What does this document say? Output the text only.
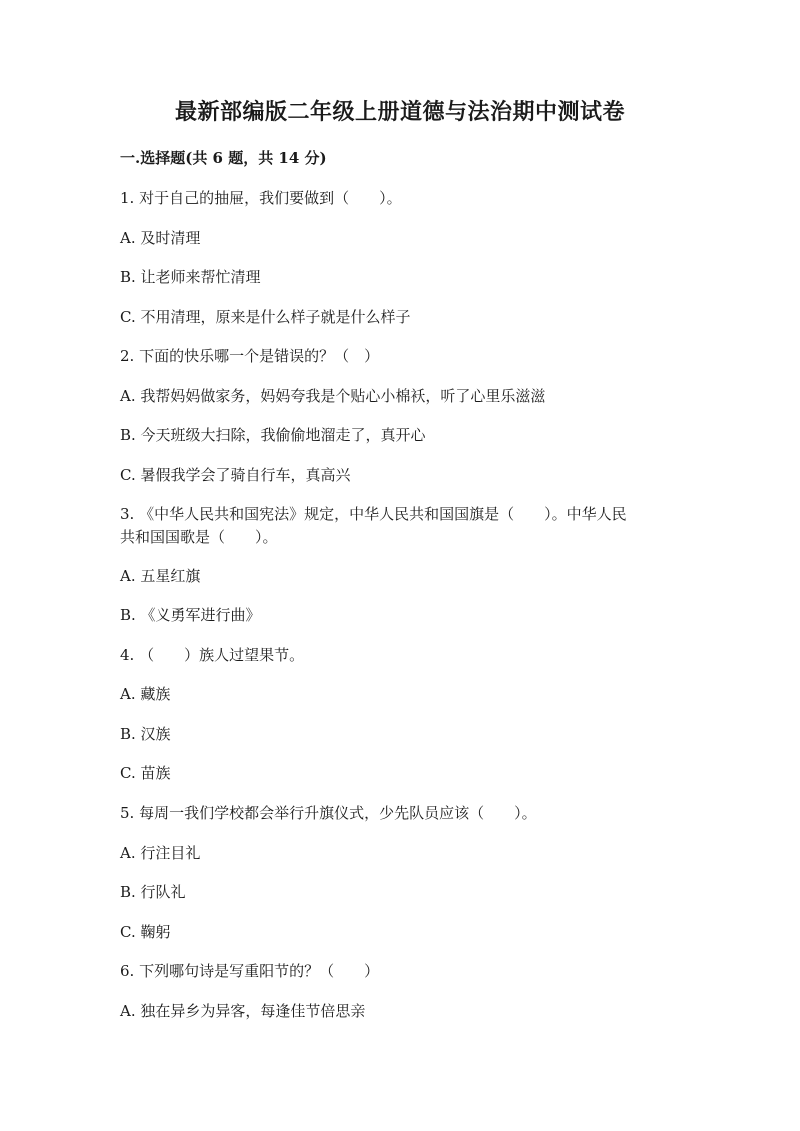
最新部编版二年级上册道德与法治期中测试卷
一.选择题(共 6 题，共 14 分)
1. 对于自己的抽屉，我们要做到（　　）。
A. 及时清理
B. 让老师来帮忙清理
C. 不用清理，原来是什么样子就是什么样子
2. 下面的快乐哪一个是错误的？（　）
A. 我帮妈妈做家务，妈妈夸我是个贴心小棉袄，听了心里乐滋滋
B. 今天班级大扫除，我偷偷地溜走了，真开心
C. 暑假我学会了骑自行车，真高兴
3. 《中华人民共和国宪法》规定，中华人民共和国国旗是（　　）。中华人民
共和国国歌是（　　）。
A. 五星红旗
B. 《义勇军进行曲》
4. （　　）族人过望果节。
A. 藏族
B. 汉族
C. 苗族
5. 每周一我们学校都会举行升旗仪式，少先队员应该（　　）。
A. 行注目礼
B. 行队礼
C. 鞠躬
6. 下列哪句诗是写重阳节的？（　　）
A. 独在异乡为异客，每逢佳节倍思亲
